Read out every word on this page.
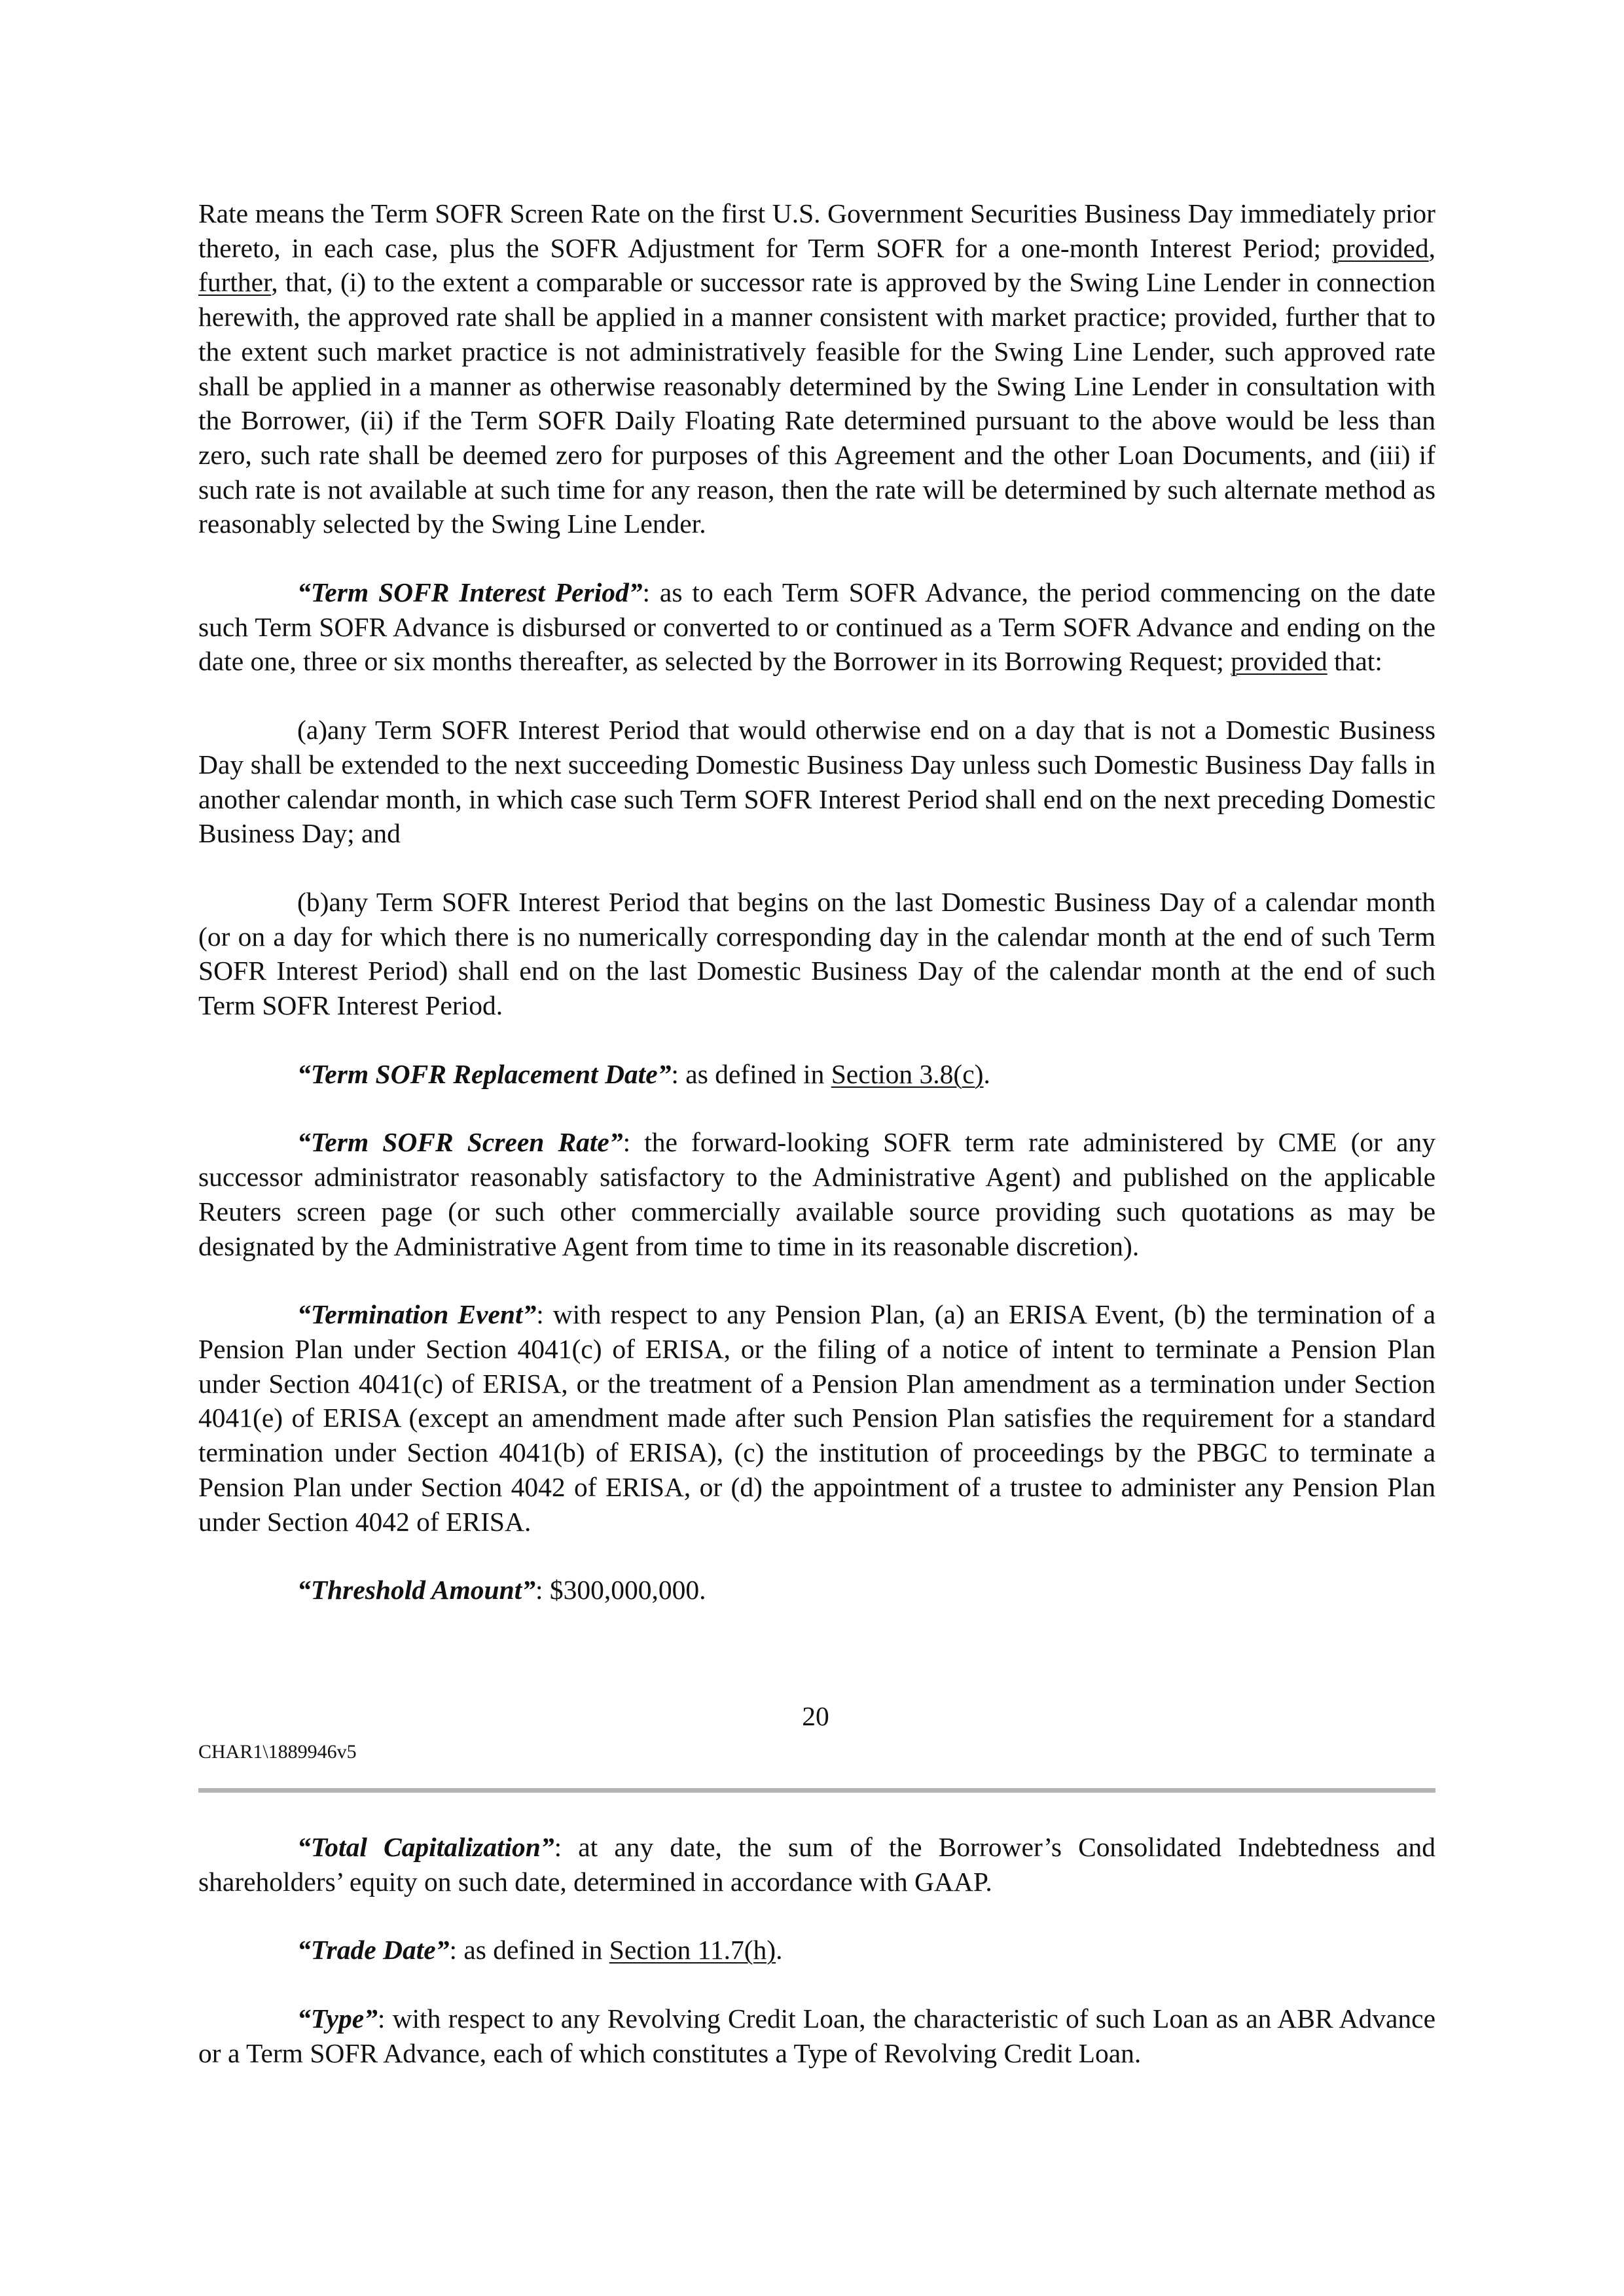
Rate means the Term SOFR Screen Rate on the first U.S. Government Securities Business Day immediately prior thereto, in each case, plus the SOFR Adjustment for Term SOFR for a one-month Interest Period; provided, further, that, (i) to the extent a comparable or successor rate is approved by the Swing Line Lender in connection herewith, the approved rate shall be applied in a manner consistent with market practice; provided, further that to the extent such market practice is not administratively feasible for the Swing Line Lender, such approved rate shall be applied in a manner as otherwise reasonably determined by the Swing Line Lender in consultation with the Borrower, (ii) if the Term SOFR Daily Floating Rate determined pursuant to the above would be less than zero, such rate shall be deemed zero for purposes of this Agreement and the other Loan Documents, and (iii) if such rate is not available at such time for any reason, then the rate will be determined by such alternate method as reasonably selected by the Swing Line Lender.

“Term SOFR Interest Period”: as to each Term SOFR Advance, the period commencing on the date such Term SOFR Advance is disbursed or converted to or continued as a Term SOFR Advance and ending on the date one, three or six months thereafter, as selected by the Borrower in its Borrowing Request; provided that:

(a)any Term SOFR Interest Period that would otherwise end on a day that is not a Domestic Business Day shall be extended to the next succeeding Domestic Business Day unless such Domestic Business Day falls in another calendar month, in which case such Term SOFR Interest Period shall end on the next preceding Domestic Business Day; and

(b)any Term SOFR Interest Period that begins on the last Domestic Business Day of a calendar month (or on a day for which there is no numerically corresponding day in the calendar month at the end of such Term SOFR Interest Period) shall end on the last Domestic Business Day of the calendar month at the end of such Term SOFR Interest Period.

“Term SOFR Replacement Date”: as defined in Section 3.8(c).

“Term SOFR Screen Rate”: the forward-looking SOFR term rate administered by CME (or any successor administrator reasonably satisfactory to the Administrative Agent) and published on the applicable Reuters screen page (or such other commercially available source providing such quotations as may be designated by the Administrative Agent from time to time in its reasonable discretion).

“Termination Event”: with respect to any Pension Plan, (a) an ERISA Event, (b) the termination of a Pension Plan under Section 4041(c) of ERISA, or the filing of a notice of intent to terminate a Pension Plan under Section 4041(c) of ERISA, or the treatment of a Pension Plan amendment as a termination under Section 4041(e) of ERISA (except an amendment made after such Pension Plan satisfies the requirement for a standard termination under Section 4041(b) of ERISA), (c) the institution of proceedings by the PBGC to terminate a Pension Plan under Section 4042 of ERISA, or (d) the appointment of a trustee to administer any Pension Plan under Section 4042 of ERISA.

“Threshold Amount”: $300,000,000.

20
CHAR1\1889946v5

“Total Capitalization”: at any date, the sum of the Borrower’s Consolidated Indebtedness and shareholders’ equity on such date, determined in accordance with GAAP.

“Trade Date”: as defined in Section 11.7(h).

“Type”: with respect to any Revolving Credit Loan, the characteristic of such Loan as an ABR Advance or a Term SOFR Advance, each of which constitutes a Type of Revolving Credit Loan.
